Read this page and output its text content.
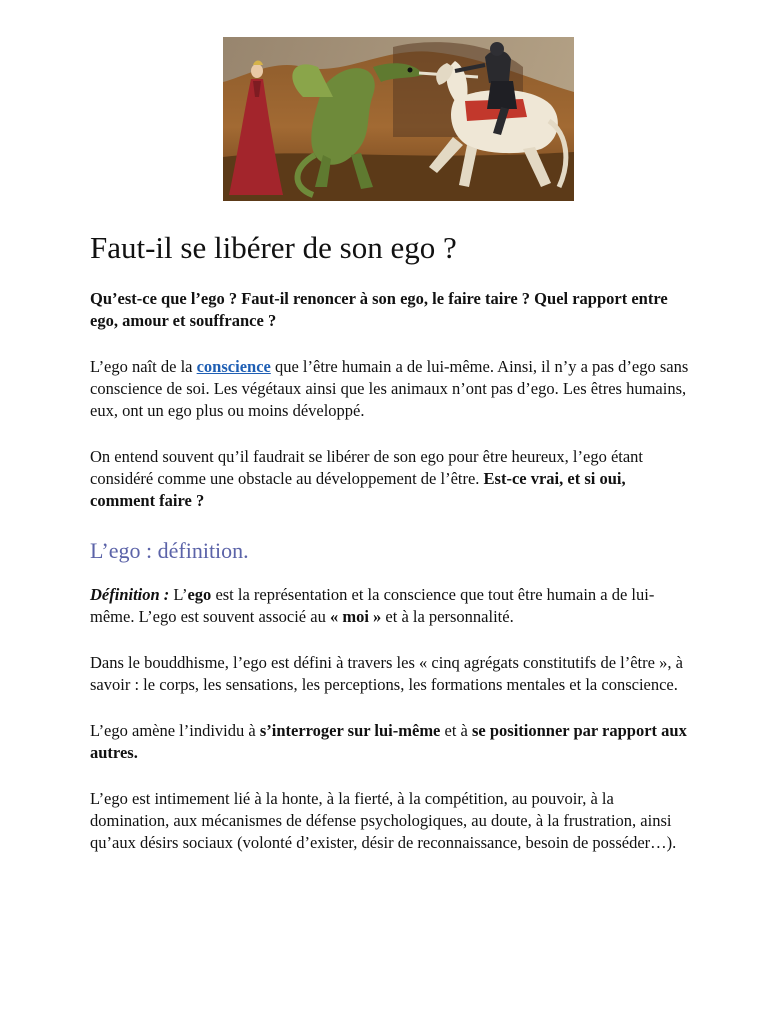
Faut-il se libérer de son ego ?
Qu’est-ce que l’ego ? Faut-il renoncer à son ego, le faire taire ? Quel rapport entre ego, amour et souffrance ?

L’ego naît de la conscience que l’être humain a de lui-même. Ainsi, il n’y a pas d’ego sans conscience de soi. Les végétaux ainsi que les animaux n’ont pas d’ego. Les êtres humains, eux, ont un ego plus ou moins développé.

On entend souvent qu’il faudrait se libérer de son ego pour être heureux, l’ego étant considéré comme une obstacle au développement de l’être. Est-ce vrai, et si oui, comment faire ?

L’ego : définition.

Définition : L’ego est la représentation et la conscience que tout être humain a de lui-même. L’ego est souvent associé au « moi » et à la personnalité.

Dans le bouddhisme, l’ego est défini à travers les « cinq agrégats constitutifs de l’être », à savoir : le corps, les sensations, les perceptions, les formations mentales et la conscience.

L’ego amène l’individu à s’interroger sur lui-même et à se positionner par rapport aux autres.

L’ego est intimement lié à la honte, à la fierté, à la compétition, au pouvoir, à la domination, aux mécanismes de défense psychologiques, au doute, à la frustration, ainsi qu’aux désirs sociaux (volonté d’exister, désir de reconnaissance, besoin de posséder…).
